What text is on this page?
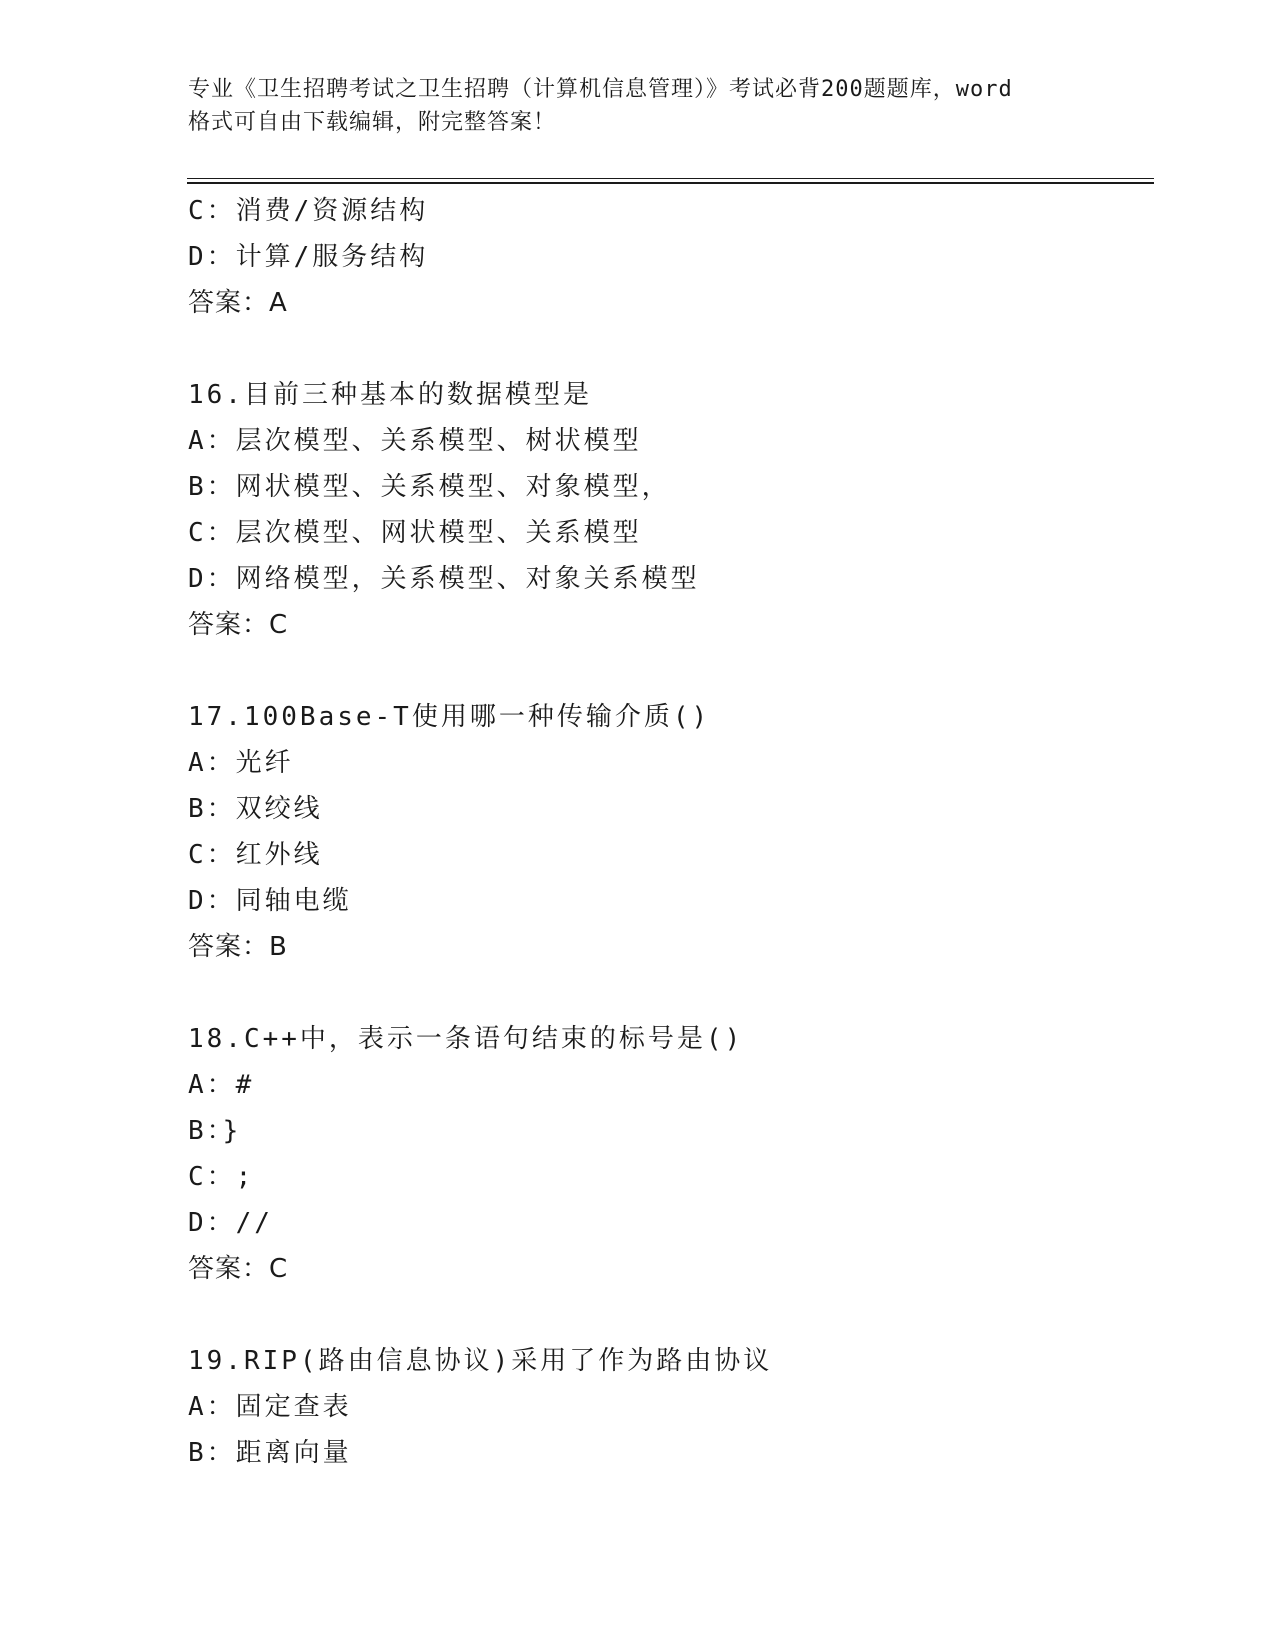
专业《卫生招聘考试之卫生招聘（计算机信息管理）》考试必背200题题库，word
格式可自由下载编辑，附完整答案！
C：消费/资源结构
D：计算/服务结构
答案：A
16.目前三种基本的数据模型是
A：层次模型、关系模型、树状模型
B：网状模型、关系模型、对象模型，
C：层次模型、网状模型、关系模型
D：网络模型，关系模型、对象关系模型
答案：C
17.100Base-T使用哪一种传输介质()
A：光纤
B：双绞线
C：红外线
D：同轴电缆
答案：B
18.C++中，表示一条语句结束的标号是()
A：#
B：}
C：;
D：//
答案：C
19.RIP(路由信息协议)采用了作为路由协议
A：固定查表
B：距离向量
